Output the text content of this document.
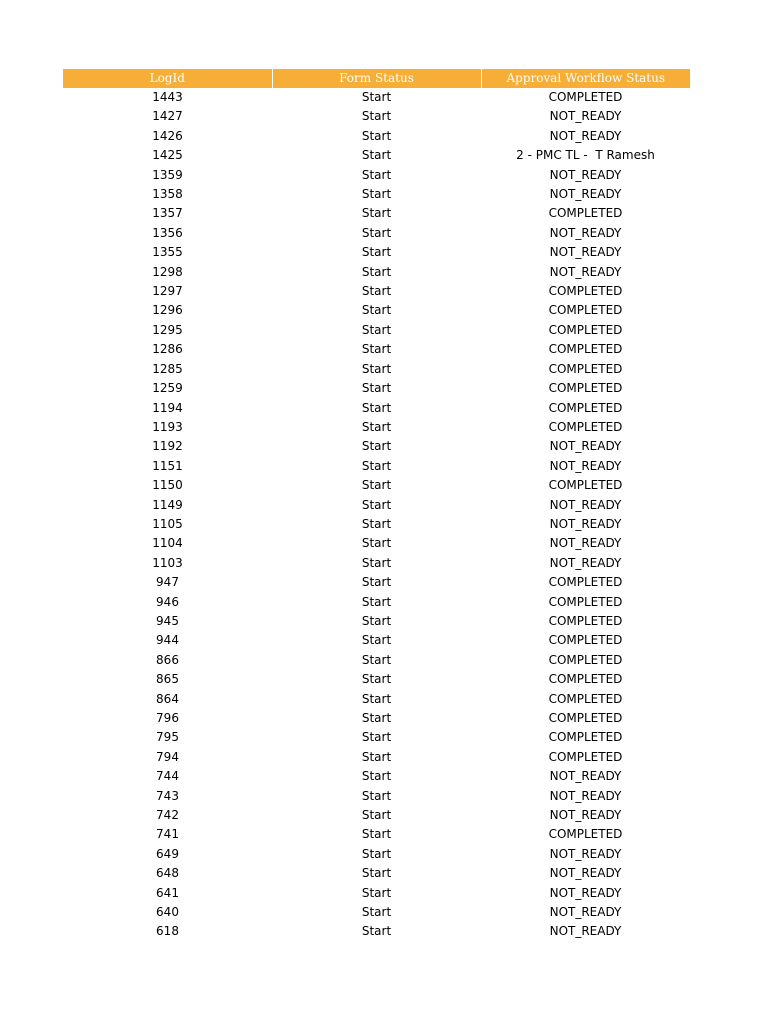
LogId	Form Status	Approval Workflow Status
1443	Start	COMPLETED
1427	Start	NOT_READY
1426	Start	NOT_READY
1425	Start	2 - PMC TL -  T Ramesh
1359	Start	NOT_READY
1358	Start	NOT_READY
1357	Start	COMPLETED
1356	Start	NOT_READY
1355	Start	NOT_READY
1298	Start	NOT_READY
1297	Start	COMPLETED
1296	Start	COMPLETED
1295	Start	COMPLETED
1286	Start	COMPLETED
1285	Start	COMPLETED
1259	Start	COMPLETED
1194	Start	COMPLETED
1193	Start	COMPLETED
1192	Start	NOT_READY
1151	Start	NOT_READY
1150	Start	COMPLETED
1149	Start	NOT_READY
1105	Start	NOT_READY
1104	Start	NOT_READY
1103	Start	NOT_READY
947	Start	COMPLETED
946	Start	COMPLETED
945	Start	COMPLETED
944	Start	COMPLETED
866	Start	COMPLETED
865	Start	COMPLETED
864	Start	COMPLETED
796	Start	COMPLETED
795	Start	COMPLETED
794	Start	COMPLETED
744	Start	NOT_READY
743	Start	NOT_READY
742	Start	NOT_READY
741	Start	COMPLETED
649	Start	NOT_READY
648	Start	NOT_READY
641	Start	NOT_READY
640	Start	NOT_READY
618	Start	NOT_READY
